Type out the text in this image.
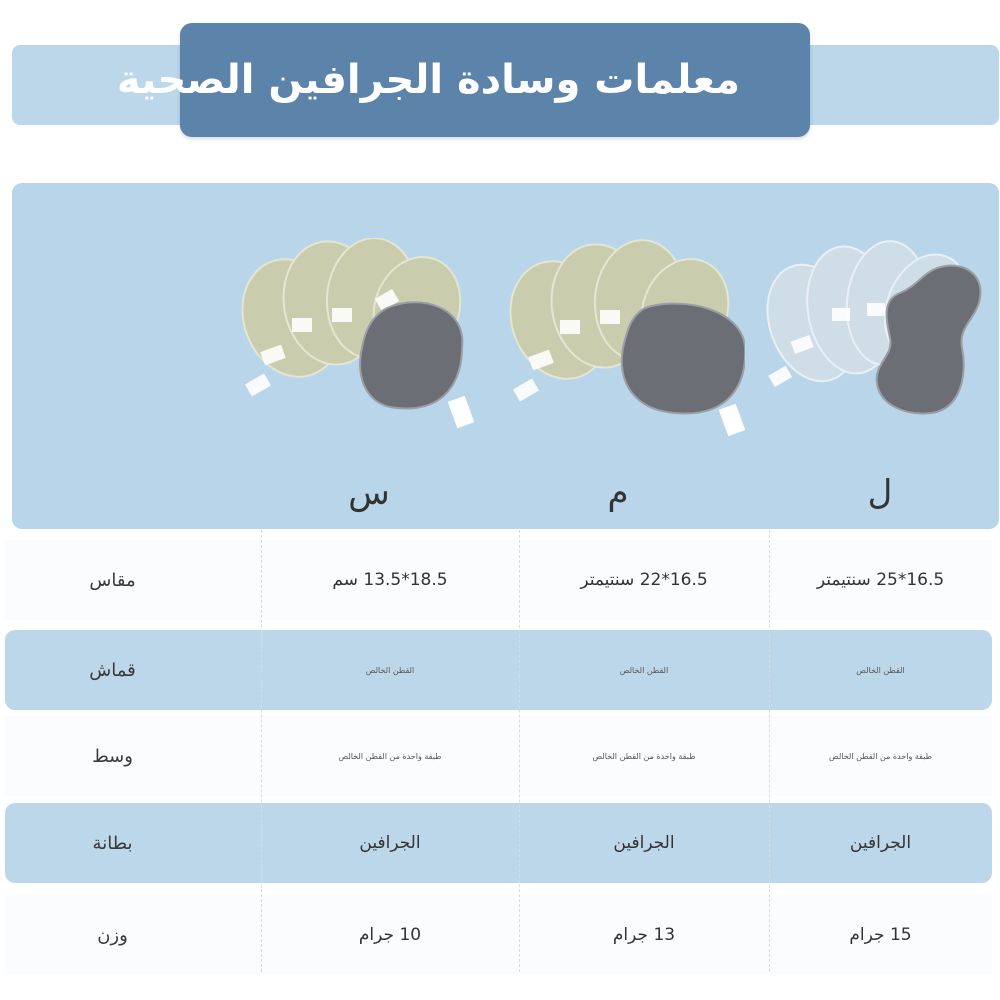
معلمات وسادة الجرافين الصحية
س	م	ل
مقاس	18.5*13.5 سم	16.5*22 سنتيمتر	16.5*25 سنتيمتر
قماش	القطن الخالص	القطن الخالص	القطن الخالص
وسط	طبقة واحدة من القطن الخالص	طبقة واحدة من القطن الخالص	طبقة واحدة من القطن الخالص
بطانة	الجرافين	الجرافين	الجرافين
وزن	10 جرام	13 جرام	15 جرام
